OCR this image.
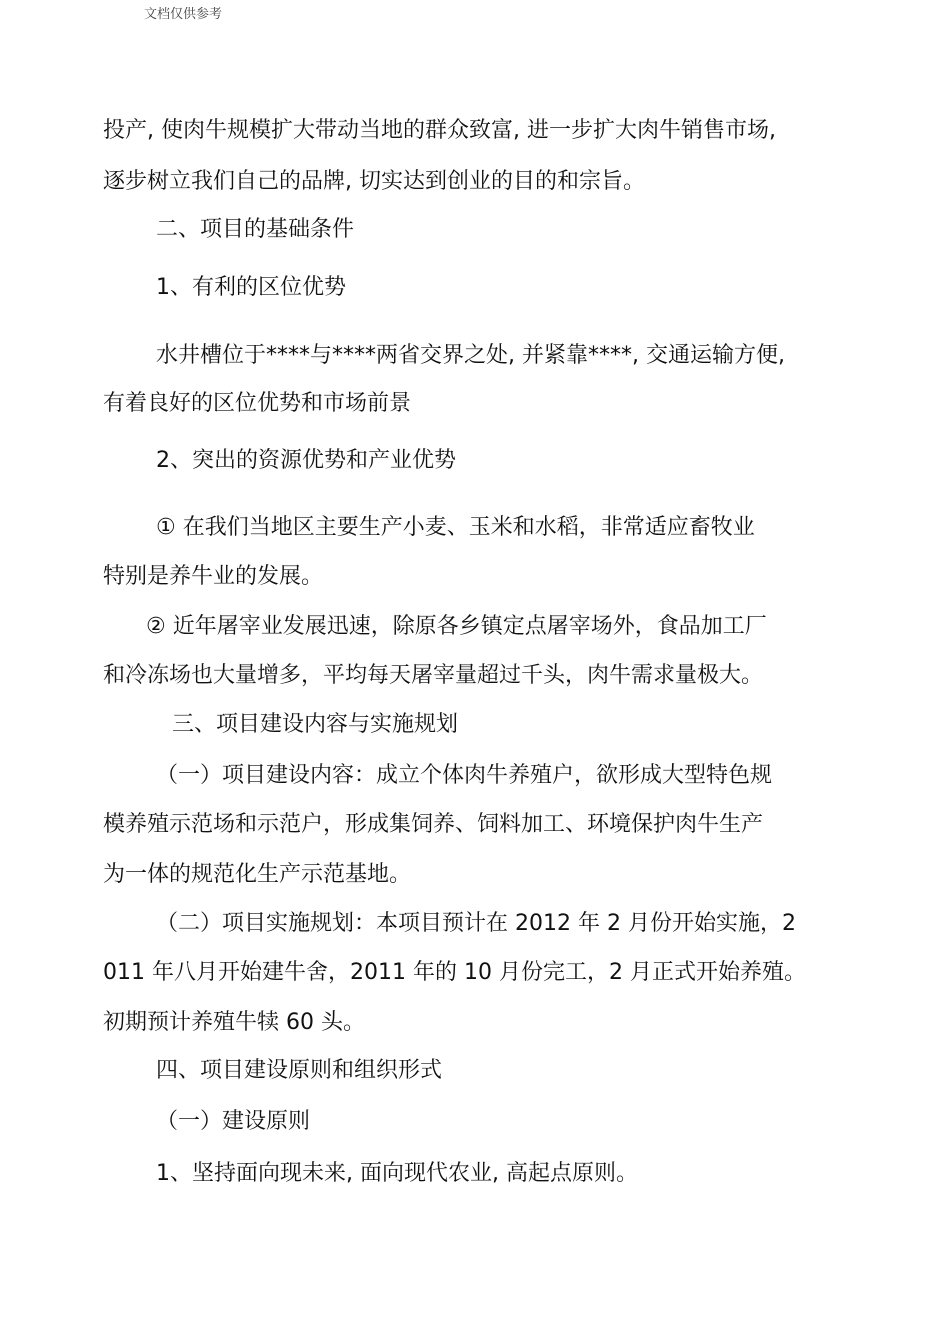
文档仅供参考
投产, 使肉牛规模扩大带动当地的群众致富, 进一步扩大肉牛销售市场,
逐步树立我们自己的品牌, 切实达到创业的目的和宗旨。
二、项目的基础条件
1、有利的区位优势
水井槽位于****与****两省交界之处, 并紧靠****, 交通运输方便,
有着良好的区位优势和市场前景
2、突出的资源优势和产业优势
① 在我们当地区主要生产小麦、玉米和水稻，非常适应畜牧业
特别是养牛业的发展。
② 近年屠宰业发展迅速，除原各乡镇定点屠宰场外，食品加工厂
和冷冻场也大量增多，平均每天屠宰量超过千头，肉牛需求量极大。
三、项目建设内容与实施规划
（一）项目建设内容：成立个体肉牛养殖户，欲形成大型特色规
模养殖示范场和示范户，形成集饲养、饲料加工、环境保护肉牛生产
为一体的规范化生产示范基地。
（二）项目实施规划：本项目预计在 2012 年 2 月份开始实施，2
011 年八月开始建牛舍，2011 年的 10 月份完工，2 月正式开始养殖。
初期预计养殖牛犊 60 头。
四、项目建设原则和组织形式
（一）建设原则
1、坚持面向现未来, 面向现代农业, 高起点原则。
